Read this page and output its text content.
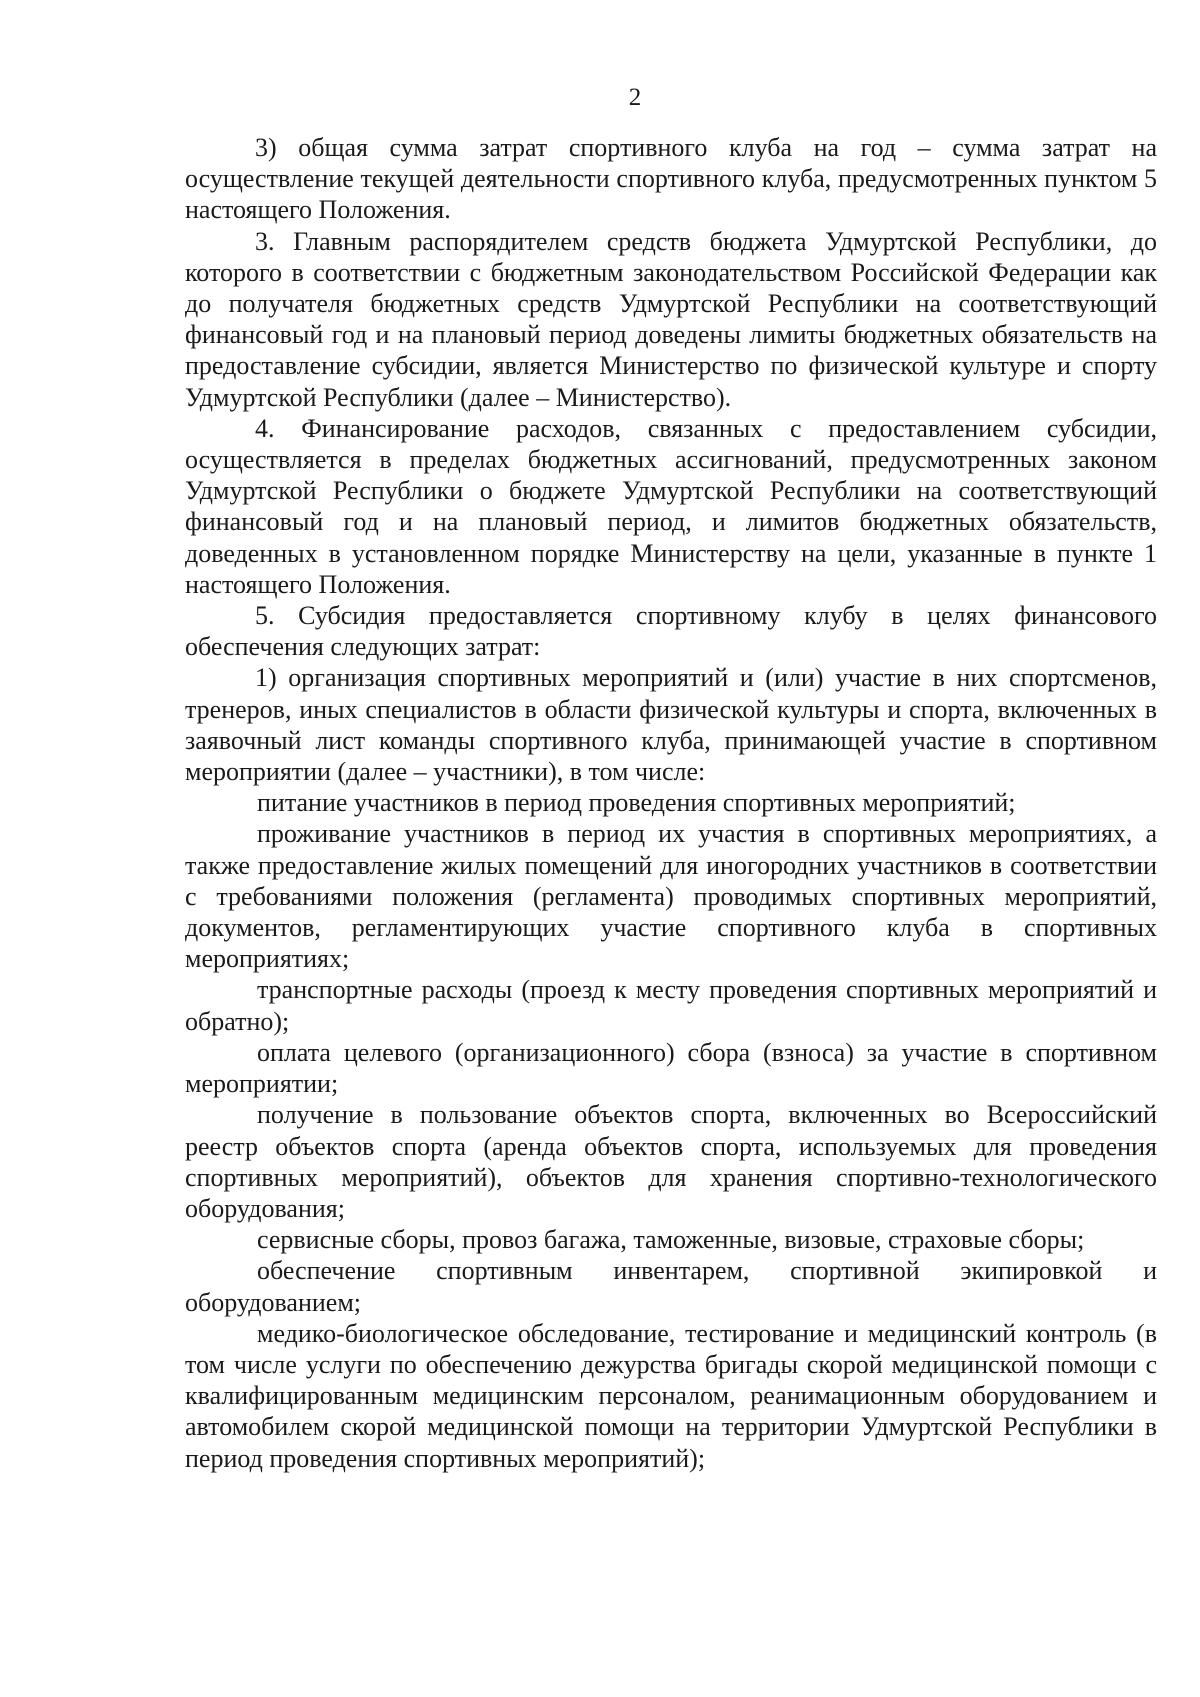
2

3) общая сумма затрат спортивного клуба на год – сумма затрат на осуществление текущей деятельности спортивного клуба, предусмотренных пунктом 5 настоящего Положения.

3. Главным распорядителем средств бюджета Удмуртской Республики, до которого в соответствии с бюджетным законодательством Российской Федерации как до получателя бюджетных средств Удмуртской Республики на соответствующий финансовый год и на плановый период доведены лимиты бюджетных обязательств на предоставление субсидии, является Министерство по физической культуре и спорту Удмуртской Республики (далее – Министерство).

4. Финансирование расходов, связанных с предоставлением субсидии, осуществляется в пределах бюджетных ассигнований, предусмотренных законом Удмуртской Республики о бюджете Удмуртской Республики на соответствующий финансовый год и на плановый период, и лимитов бюджетных обязательств, доведенных в установленном порядке Министерству на цели, указанные в пункте 1 настоящего Положения.

5. Субсидия предоставляется спортивному клубу в целях финансового обеспечения следующих затрат:

1) организация спортивных мероприятий и (или) участие в них спортсменов, тренеров, иных специалистов в области физической культуры и спорта, включенных в заявочный лист команды спортивного клуба, принимающей участие в спортивном мероприятии (далее – участники), в том числе:

питание участников в период проведения спортивных мероприятий;

проживание участников в период их участия в спортивных мероприятиях, а также предоставление жилых помещений для иногородних участников в соответствии с требованиями положения (регламента) проводимых спортивных мероприятий, документов, регламентирующих участие спортивного клуба в спортивных мероприятиях;

транспортные расходы (проезд к месту проведения спортивных мероприятий и обратно);

оплата целевого (организационного) сбора (взноса) за участие в спортивном мероприятии;

получение в пользование объектов спорта, включенных во Всероссийский реестр объектов спорта (аренда объектов спорта, используемых для проведения спортивных мероприятий), объектов для хранения спортивно-технологического оборудования;

сервисные сборы, провоз багажа, таможенные, визовые, страховые сборы;

обеспечение спортивным инвентарем, спортивной экипировкой и оборудованием;

медико-биологическое обследование, тестирование и медицинский контроль (в том числе услуги по обеспечению дежурства бригады скорой медицинской помощи с квалифицированным медицинским персоналом, реанимационным оборудованием и автомобилем скорой медицинской помощи на территории Удмуртской Республики в период проведения спортивных мероприятий);
